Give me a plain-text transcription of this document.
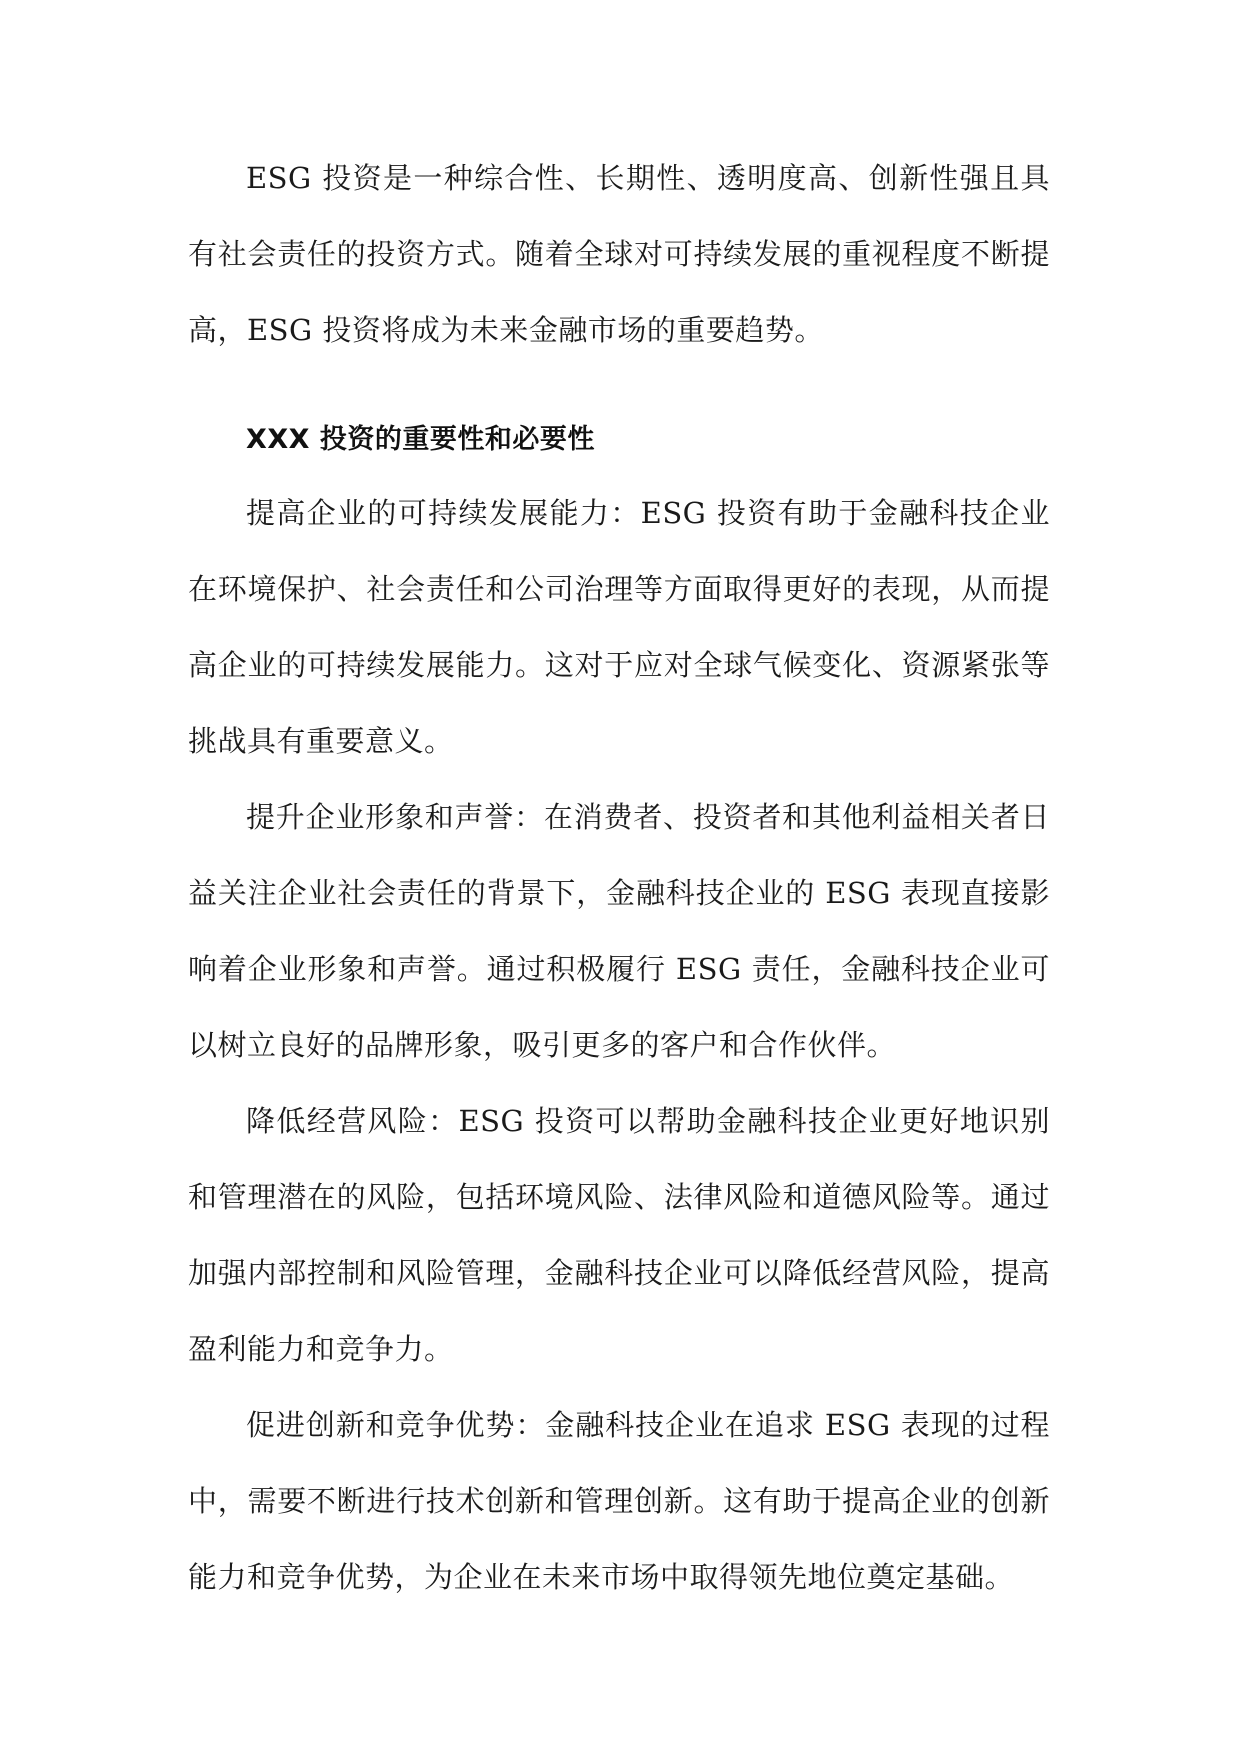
ESG 投资是一种综合性、长期性、透明度高、创新性强且具有社会责任的投资方式。随着全球对可持续发展的重视程度不断提高，ESG 投资将成为未来金融市场的重要趋势。

XXX 投资的重要性和必要性

提高企业的可持续发展能力：ESG 投资有助于金融科技企业在环境保护、社会责任和公司治理等方面取得更好的表现，从而提高企业的可持续发展能力。这对于应对全球气候变化、资源紧张等挑战具有重要意义。

提升企业形象和声誉：在消费者、投资者和其他利益相关者日益关注企业社会责任的背景下，金融科技企业的 ESG 表现直接影响着企业形象和声誉。通过积极履行 ESG 责任，金融科技企业可以树立良好的品牌形象，吸引更多的客户和合作伙伴。

降低经营风险：ESG 投资可以帮助金融科技企业更好地识别和管理潜在的风险，包括环境风险、法律风险和道德风险等。通过加强内部控制和风险管理，金融科技企业可以降低经营风险，提高盈利能力和竞争力。

促进创新和竞争优势：金融科技企业在追求 ESG 表现的过程中，需要不断进行技术创新和管理创新。这有助于提高企业的创新能力和竞争优势，为企业在未来市场中取得领先地位奠定基础。
